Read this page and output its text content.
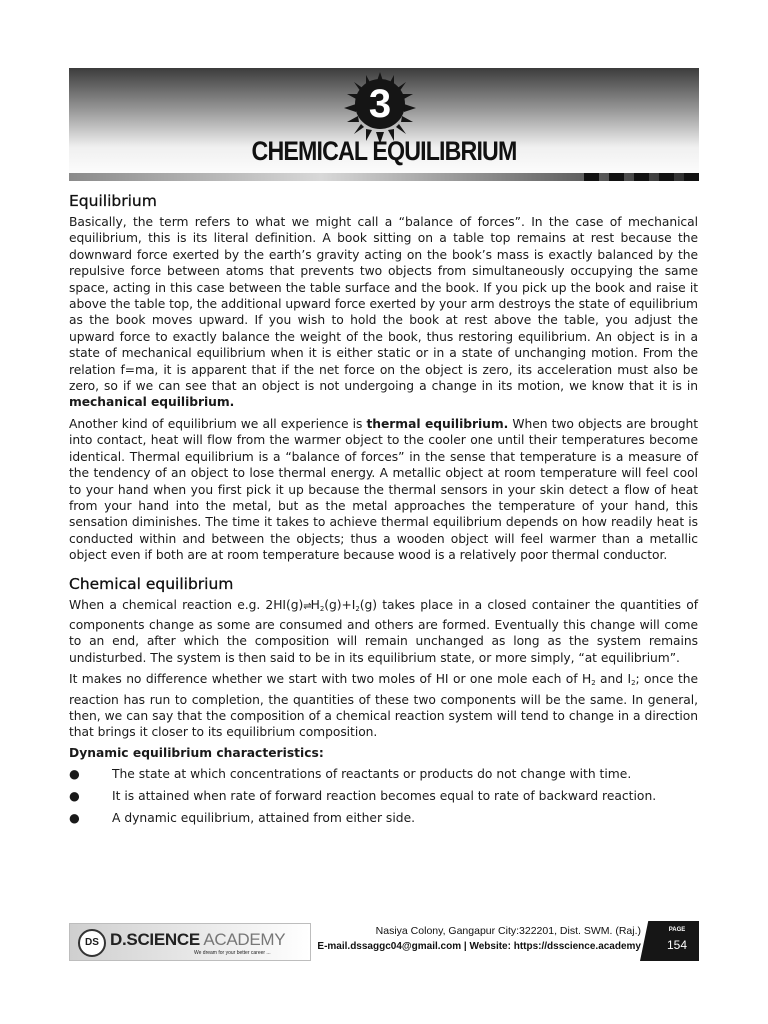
3
CHEMICAL EQUILIBRIUM
Equilibrium

Basically, the term refers to what we might call a “balance of forces”. In the case of mechanical equilibrium, this is its literal definition. A book sitting on a table top remains at rest because the downward force exerted by the earth’s gravity acting on the book’s mass is exactly balanced by the repulsive force between atoms that prevents two objects from simultaneously occupying the same space, acting in this case between the table surface and the book. If you pick up the book and raise it above the table top, the additional upward force exerted by your arm destroys the state of equilibrium as the book moves upward. If you wish to hold the book at rest above the table, you adjust the upward force to exactly balance the weight of the book, thus restoring equilibrium. An object is in a state of mechanical equilibrium when it is either static or in a state of unchanging motion. From the relation f=ma, it is apparent that if the net force on the object is zero, its acceleration must also be zero, so if we can see that an object is not undergoing a change in its motion, we know that it is in mechanical equilibrium.

Another kind of equilibrium we all experience is thermal equilibrium. When two objects are brought into contact, heat will flow from the warmer object to the cooler one until their temperatures become identical. Thermal equilibrium is a “balance of forces” in the sense that temperature is a measure of the tendency of an object to lose thermal energy. A metallic object at room temperature will feel cool to your hand when you first pick it up because the thermal sensors in your skin detect a flow of heat from your hand into the metal, but as the metal approaches the temperature of your hand, this sensation diminishes. The time it takes to achieve thermal equilibrium depends on how readily heat is conducted within and between the objects; thus a wooden object will feel warmer than a metallic object even if both are at room temperature because wood is a relatively poor thermal conductor.

Chemical equilibrium

When a chemical reaction e.g. $2HI(g)\rightleftharpoons H_2(g)+I_2(g)$ takes place in a closed container the quantities of components change as some are consumed and others are formed. Eventually this change will come to an end, after which the composition will remain unchanged as long as the system remains undisturbed. The system is then said to be in its equilibrium state, or more simply, “at equilibrium”.

It makes no difference whether we start with two moles of HI or one mole each of $H_2$ and $I_2$; once the reaction has run to completion, the quantities of these two components will be the same. In general, then, we can say that the composition of a chemical reaction system will tend to change in a direction that brings it closer to its equilibrium composition.

Dynamic equilibrium characteristics:
●	The state at which concentrations of reactants or products do not change with time.
●	It is attained when rate of forward reaction becomes equal to rate of backward reaction.
●	A dynamic equilibrium, attained from either side.
DS D.SCIENCE ACADEMY
We dream for your better career ...
Nasiya Colony, Gangapur City:322201, Dist. SWM. (Raj.)
E-mail.dssaggc04@gmail.com | Website: https://dsscience.academy
PAGE
154
